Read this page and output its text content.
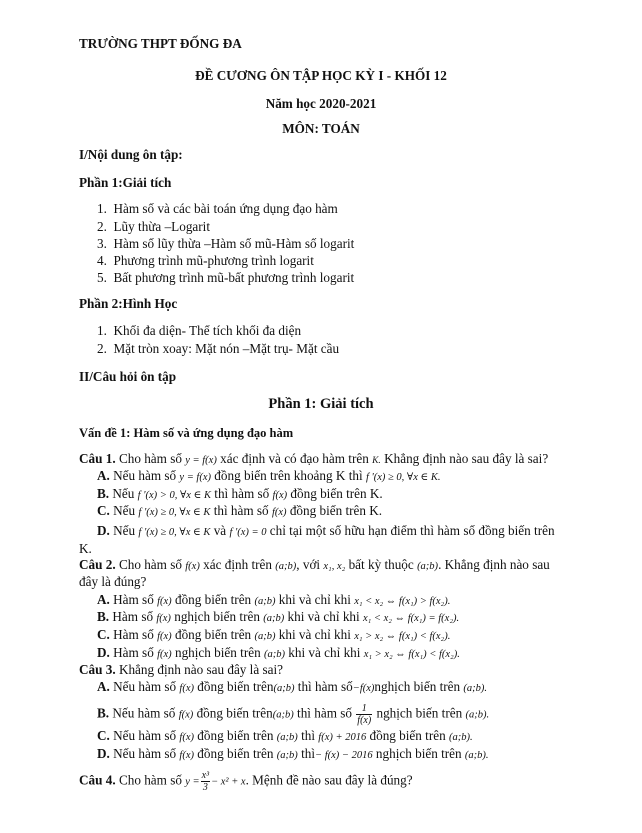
TRƯỜNG THPT ĐỐNG ĐA
ĐỀ CƯƠNG ÔN TẬP HỌC KỲ I - KHỐI 12
Năm học 2020-2021
MÔN: TOÁN
I/Nội dung ôn tập:
Phần 1:Giải tích
1. Hàm số và các bài toán ứng dụng đạo hàm
2. Lũy thừa –Logarit
3. Hàm số lũy thừa –Hàm số mũ-Hàm số logarit
4. Phương trình mũ-phương trình logarit
5. Bất phương trình mũ-bất phương trình logarit
Phần 2:Hình Học
1. Khối đa diện- Thể tích khối đa diện
2. Mặt tròn xoay: Mặt nón –Mặt trụ- Mặt cầu
II/Câu hỏi ôn tập
Phần 1: Giải tích
Vấn đề 1: Hàm số và ứng dụng đạo hàm
Câu 1. Cho hàm số y = f(x) xác định và có đạo hàm trên K. Khẳng định nào sau đây là sai?
A. Nếu hàm số y = f(x) đồng biến trên khoảng K thì f '(x) ≥ 0, ∀x ∈ K.
B. Nếu f '(x) > 0, ∀x ∈ K thì hàm số f(x) đồng biến trên K.
C. Nếu f '(x) ≥ 0, ∀x ∈ K thì hàm số f(x) đồng biến trên K.
D. Nếu f '(x) ≥ 0, ∀x ∈ K và f '(x) = 0 chỉ tại một số hữu hạn điểm thì hàm số đồng biến trên
K.
Câu 2. Cho hàm số f(x) xác định trên (a;b), với x₁, x₂ bất kỳ thuộc (a;b). Khẳng định nào sau
đây là đúng?
A. Hàm số f(x) đồng biến trên (a;b) khi và chỉ khi x₁ < x₂ ⇔ f(x₁) > f(x₂).
B. Hàm số f(x) nghịch biến trên (a;b) khi và chỉ khi x₁ < x₂ ⇔ f(x₁) = f(x₂).
C. Hàm số f(x) đồng biến trên (a;b) khi và chỉ khi x₁ > x₂ ⇔ f(x₁) < f(x₂).
D. Hàm số f(x) nghịch biến trên (a;b) khi và chỉ khi x₁ > x₂ ⇔ f(x₁) < f(x₂).
Câu 3. Khẳng định nào sau đây là sai?
A. Nếu hàm số f(x) đồng biến trên(a;b) thì hàm số−f(x)nghịch biến trên (a;b).
B. Nếu hàm số f(x) đồng biến trên(a;b) thì hàm số $\frac{1}{f(x)}$ nghịch biến trên (a;b).
C. Nếu hàm số f(x) đồng biến trên (a;b) thì f(x) + 2016 đồng biến trên (a;b).
D. Nếu hàm số f(x) đồng biến trên (a;b) thì− f(x) − 2016 nghịch biến trên (a;b).
Câu 4. Cho hàm số $y = \frac{\text{x³}}{3} - x^2 + x$. Mệnh đề nào sau đây là đúng?
